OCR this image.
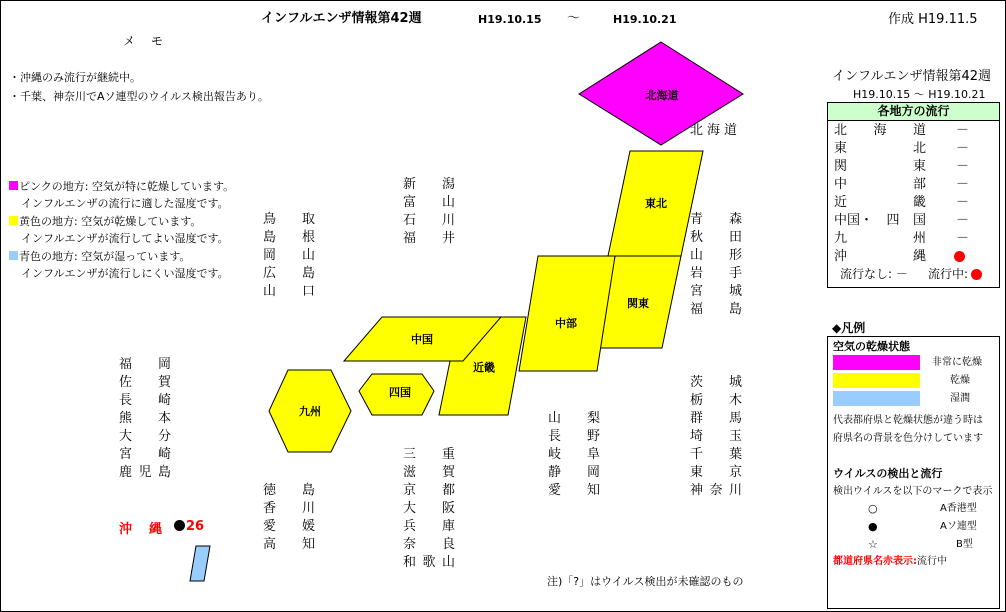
インフルエンザ情報第42週	H19.10.15 ～	H19.10.21	作成 H19.11.5
メ　モ
・沖縄のみ流行が継続中。
・千葉、神奈川でAソ連型のウイルス検出報告あり。
ピンクの地方: 空気が特に乾燥しています。
インフルエンザの流行に適した湿度です。
黄色の地方: 空気が乾燥しています。
インフルエンザが流行してよい湿度です。
青色の地方: 空気が湿っています。
インフルエンザが流行しにくい湿度です。
北海道
東北
関東
中部
近畿
中国
四国
九州
北海道
新 潟
富 山
石 川
福 井
鳥 取
島 根
岡 山
広 島
山 口
青 森
秋 田
山 形
岩 手
宮 城
福 島
福 岡
佐 賀
長 崎
熊 本
大 分
宮 崎
鹿 児 島
茨 城
栃 木
群 馬
埼 玉
千 葉
東 京
神 奈 川
山 梨
長 野
岐 阜
静 岡
愛 知
三 重
滋 賀
京 都
大 阪
兵 庫
奈 良
和 歌 山
徳 島
香 川
愛 媛
高 知
沖　縄	26
注)「?」はウイルス検出が未確認のもの
インフルエンザ情報第42週
H19.10.15 ～ H19.10.21
各地方の流行
北 海 道 －
東	北 －
関	東 －
中	部 －
近	畿 －
中国・ 四 国 －
九	州 －
沖	縄
流行なし: － 流行中:
◆凡例
空気の乾燥状態
非常に乾燥
乾燥
湿潤
代表都府県と乾燥状態が違う時は
府県名の背景を色分けしています
ウイルスの検出と流行
検出ウイルスを以下のマークで表示
○	A香港型
●	Aソ連型
☆	B型
都道府県名赤表示:流行中
